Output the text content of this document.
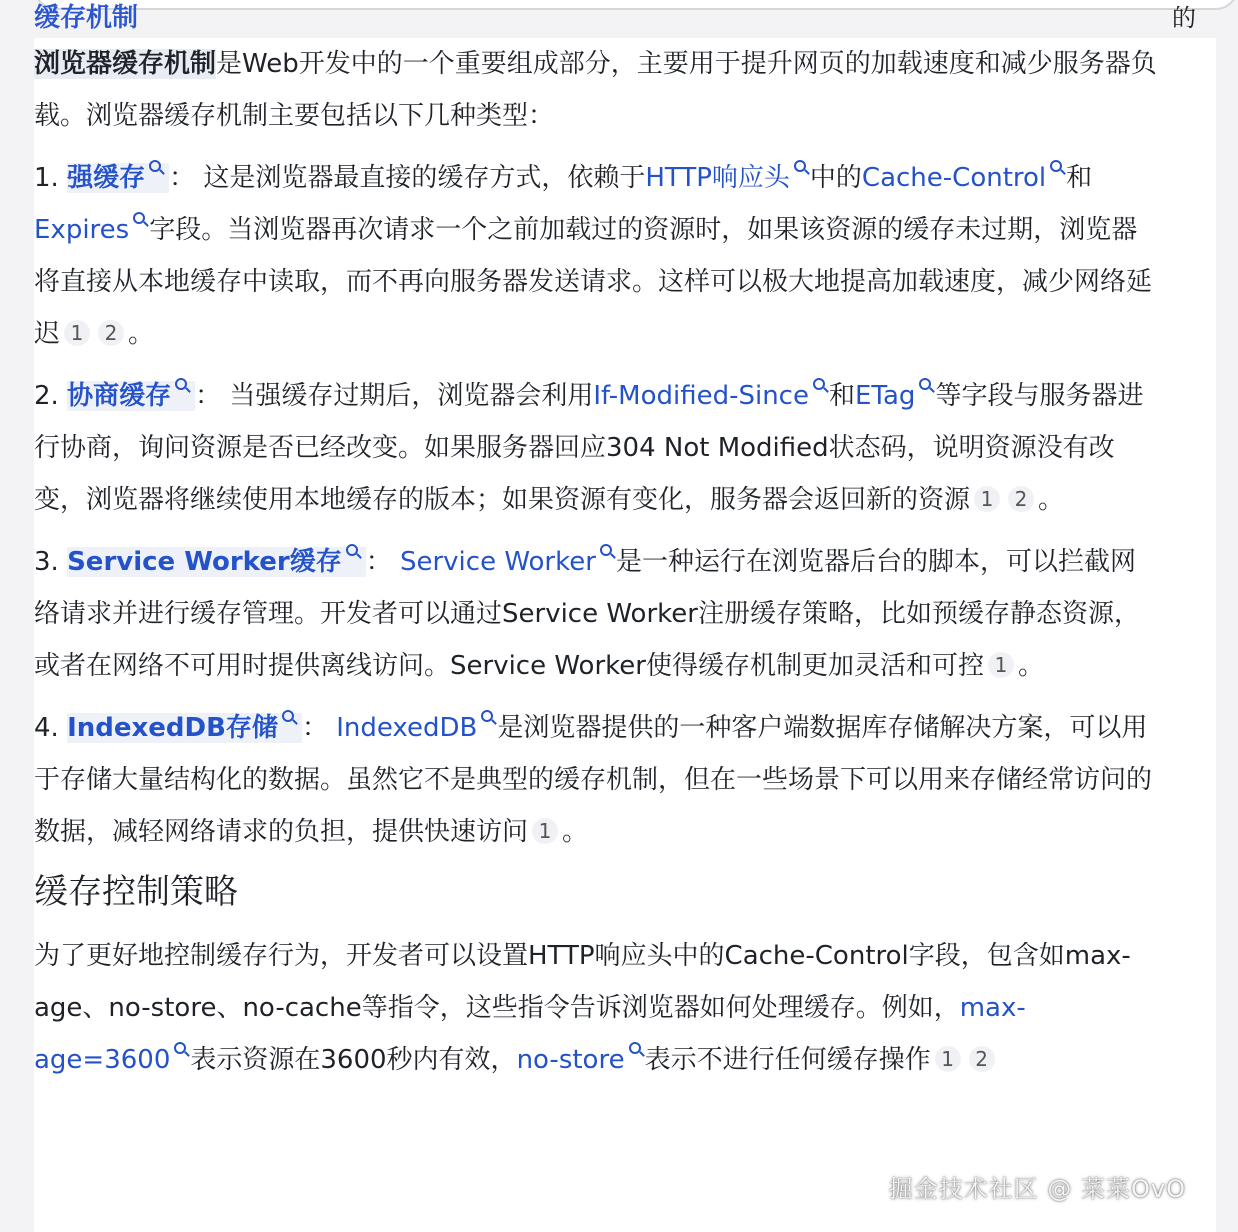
缓存机制	的

浏览器缓存机制是Web开发中的一个重要组成部分，主要用于提升网页的加载速度和减少服务器负载。浏览器缓存机制主要包括以下几种类型：

1. 强缓存 ： 这是浏览器最直接的缓存方式，依赖于HTTP响应头 中的Cache-Control 和Expires 字段。当浏览器再次请求一个之前加载过的资源时，如果该资源的缓存未过期，浏览器将直接从本地缓存中读取，而不再向服务器发送请求。这样可以极大地提高加载速度，减少网络延迟 1 2 。

2. 协商缓存 ： 当强缓存过期后，浏览器会利用If-Modified-Since 和ETag 等字段与服务器进行协商，询问资源是否已经改变。如果服务器回应304 Not Modified状态码，说明资源没有改变，浏览器将继续使用本地缓存的版本；如果资源有变化，服务器会返回新的资源 1 2 。

3. Service Worker缓存 ： Service Worker 是一种运行在浏览器后台的脚本，可以拦截网络请求并进行缓存管理。开发者可以通过Service Worker注册缓存策略，比如预缓存静态资源，或者在网络不可用时提供离线访问。Service Worker使得缓存机制更加灵活和可控 1 。

4. IndexedDB存储 ： IndexedDB 是浏览器提供的一种客户端数据库存储解决方案，可以用于存储大量结构化的数据。虽然它不是典型的缓存机制，但在一些场景下可以用来存储经常访问的数据，减轻网络请求的负担，提供快速访问 1 。

缓存控制策略

为了更好地控制缓存行为，开发者可以设置HTTP响应头中的Cache-Control字段，包含如max-age、no-store、no-cache等指令，这些指令告诉浏览器如何处理缓存。例如，max-age=3600 表示资源在3600秒内有效，no-store 表示不进行任何缓存操作 1 2

掘金技术社区 @ 菜菜OvO
